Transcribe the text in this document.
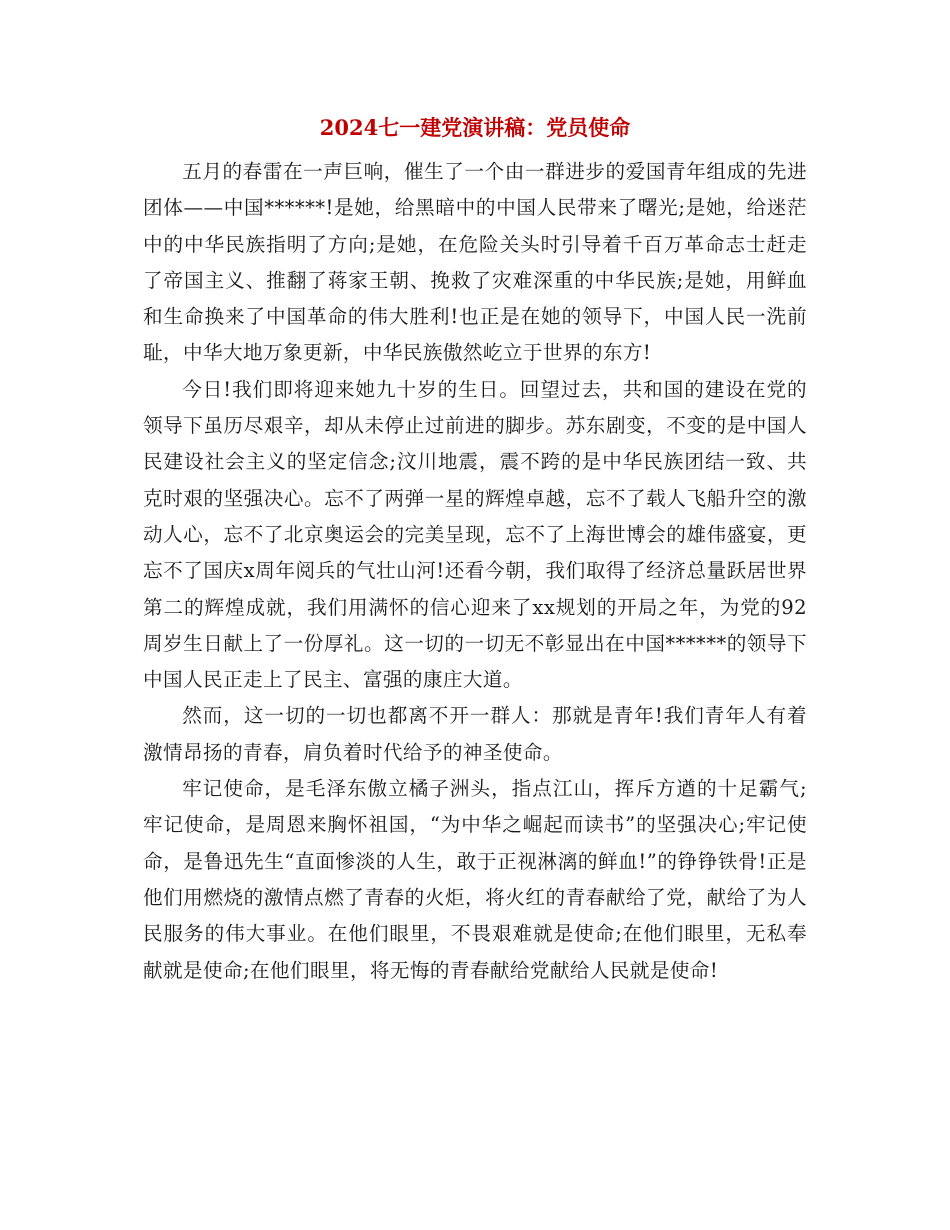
2024七一建党演讲稿：党员使命

五月的春雷在一声巨响，催生了一个由一群进步的爱国青年组成的先进团体——中国******!是她，给黑暗中的中国人民带来了曙光;是她，给迷茫中的中华民族指明了方向;是她，在危险关头时引导着千百万革命志士赶走了帝国主义、推翻了蒋家王朝、挽救了灾难深重的中华民族;是她，用鲜血和生命换来了中国革命的伟大胜利!也正是在她的领导下，中国人民一洗前耻，中华大地万象更新，中华民族傲然屹立于世界的东方!

今日!我们即将迎来她九十岁的生日。回望过去，共和国的建设在党的领导下虽历尽艰辛，却从未停止过前进的脚步。苏东剧变，不变的是中国人民建设社会主义的坚定信念;汶川地震，震不跨的是中华民族团结一致、共克时艰的坚强决心。忘不了两弹一星的辉煌卓越，忘不了载人飞船升空的激动人心，忘不了北京奥运会的完美呈现，忘不了上海世博会的雄伟盛宴，更忘不了国庆x周年阅兵的气壮山河!还看今朝，我们取得了经济总量跃居世界第二的辉煌成就，我们用满怀的信心迎来了xx规划的开局之年，为党的92周岁生日献上了一份厚礼。这一切的一切无不彰显出在中国******的领导下中国人民正走上了民主、富强的康庄大道。

然而，这一切的一切也都离不开一群人：那就是青年!我们青年人有着激情昂扬的青春，肩负着时代给予的神圣使命。

牢记使命，是毛泽东傲立橘子洲头，指点江山，挥斥方遒的十足霸气;牢记使命，是周恩来胸怀祖国，“为中华之崛起而读书”的坚强决心;牢记使命，是鲁迅先生“直面惨淡的人生，敢于正视淋漓的鲜血!”的铮铮铁骨!正是他们用燃烧的激情点燃了青春的火炬，将火红的青春献给了党，献给了为人民服务的伟大事业。在他们眼里，不畏艰难就是使命;在他们眼里，无私奉献就是使命;在他们眼里，将无悔的青春献给党献给人民就是使命!
